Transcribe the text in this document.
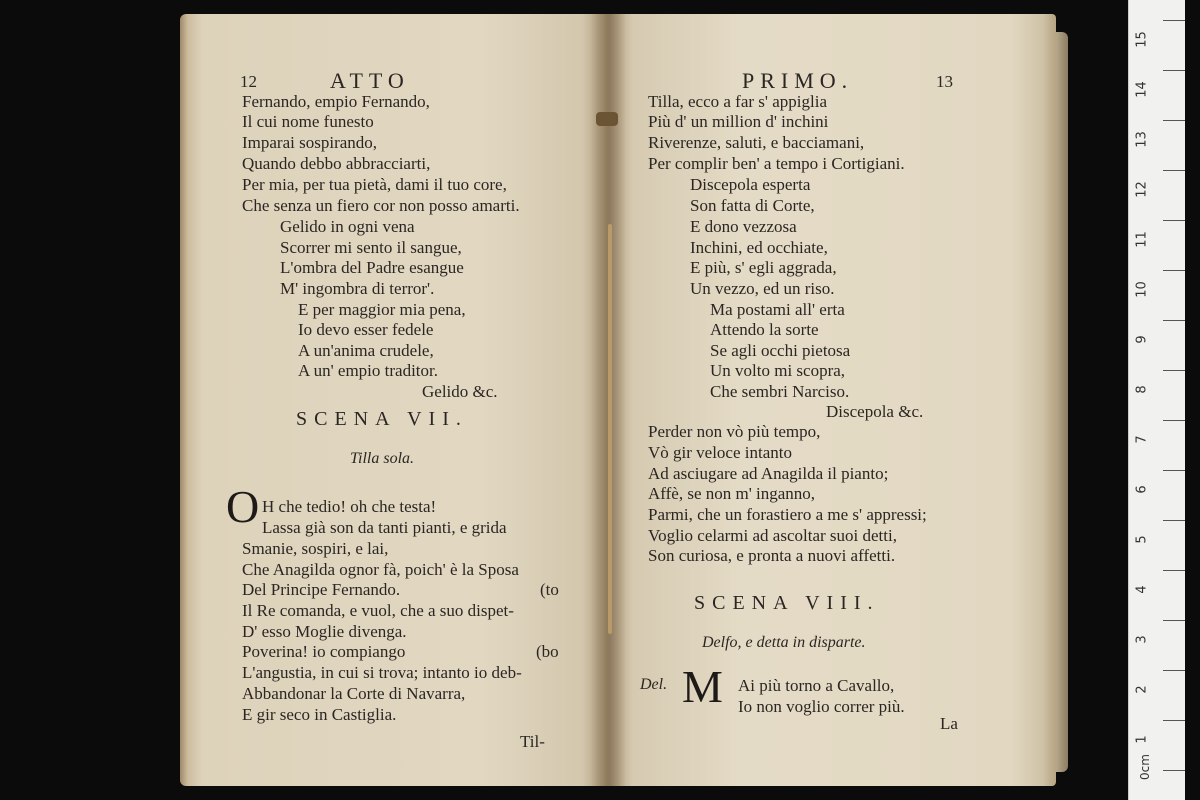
12	ATTO
Fernando, empio Fernando,
Il cui nome funesto
Imparai sospirando,
Quando debbo abbracciarti,
Per mia, per tua pietà, dami il tuo core,
Che senza un fiero cor non posso amarti.
Gelido in ogni vena
Scorrer mi sento il sangue,
L'ombra del Padre esangue
M' ingombra di terror'.
E per maggior mia pena,
Io devo esser fedele
A un'anima crudele,
A un' empio traditor.
Gelido &c.
SCENA VII.
Tilla sola.
O H che tedio! oh che testa!
Lassa già son da tanti pianti, e grida
Smanie, sospiri, e lai,
Che Anagilda ognor fà, poich' è la Sposa
Del Principe Fernando.	(to
Il Re comanda, e vuol, che a suo dispet-
D' esso Moglie divenga.
Poverina! io compiango	(bo
L'angustia, in cui si trova; intanto io deb-
Abbandonar la Corte di Navarra,
E gir seco in Castiglia.
Til-
PRIMO.	13
Tilla, ecco a far s' appiglia
Più d' un million d' inchini
Riverenze, saluti, e bacciamani,
Per complir ben' a tempo i Cortigiani.
Discepola esperta
Son fatta di Corte,
E dono vezzosa
Inchini, ed occhiate,
E più, s' egli aggrada,
Un vezzo, ed un riso.
Ma postami all' erta
Attendo la sorte
Se agli occhi pietosa
Un volto mi scopra,
Che sembri Narciso.
Discepola &c.
Perder non vò più tempo,
Vò gir veloce intanto
Ad asciugare ad Anagilda il pianto;
Affè, se non m' inganno,
Parmi, che un forastiero a me s' appressi;
Voglio celarmi ad ascoltar suoi detti,
Son curiosa, e pronta a nuovi affetti.
SCENA VIII.
Delfo, e detta in disparte.
Del. M Ai più torno a Cavallo,
Io non voglio correr più.
La
1
2
3
4
5
6
7
8
9
10
11
12
13
14
15
0cm
